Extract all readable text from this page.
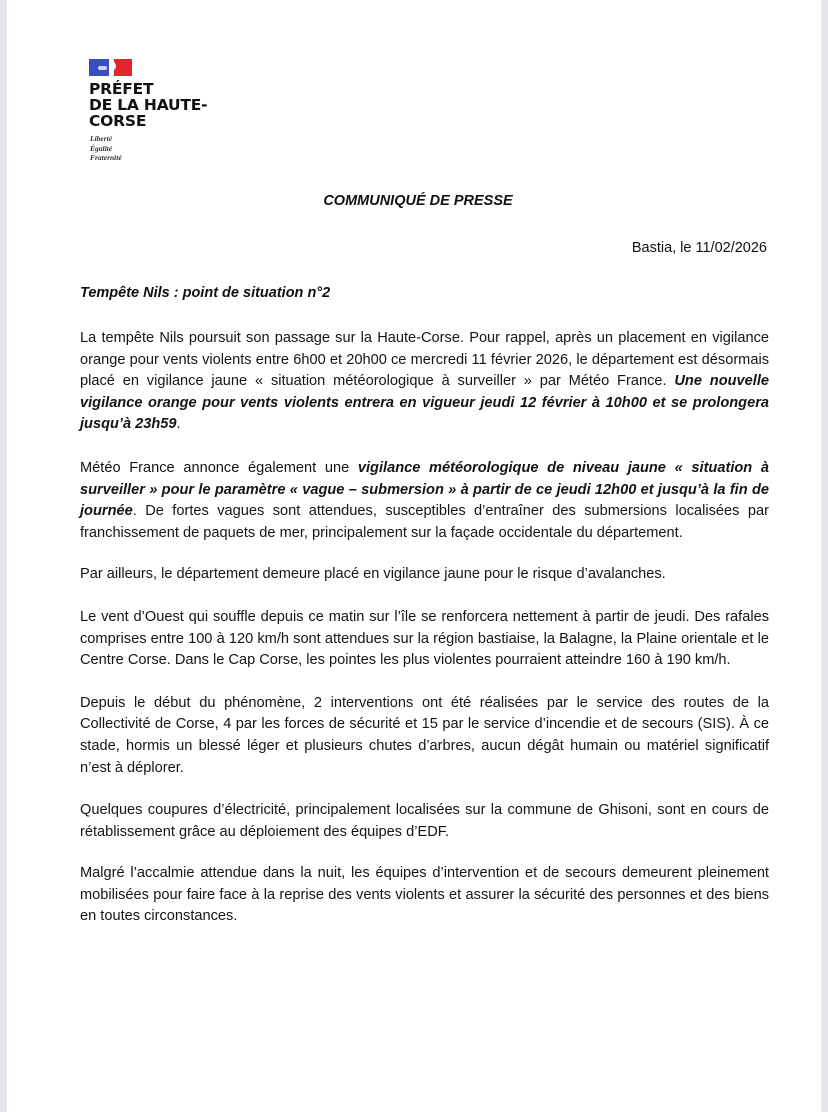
PRÉFET
DE LA HAUTE-
CORSE
Liberté
Égalité
Fraternité
COMMUNIQUÉ DE PRESSE
Bastia, le 11/02/2026
Tempête Nils : point de situation n°2

La tempête Nils poursuit son passage sur la Haute-Corse. Pour rappel, après un placement en vigilance orange pour vents violents entre 6h00 et 20h00 ce mercredi 11 février 2026, le département est désormais placé en vigilance jaune « situation météorologique à surveiller » par Météo France. Une nouvelle vigilance orange pour vents violents entrera en vigueur jeudi 12 février à 10h00 et se prolongera jusqu’à 23h59.

Météo France annonce également une vigilance météorologique de niveau jaune « situation à surveiller » pour le paramètre « vague – submersion » à partir de ce jeudi 12h00 et jusqu’à la fin de journée. De fortes vagues sont attendues, susceptibles d’entraîner des submersions localisées par franchissement de paquets de mer, principalement sur la façade occidentale du département.

Par ailleurs, le département demeure placé en vigilance jaune pour le risque d’avalanches.

Le vent d’Ouest qui souffle depuis ce matin sur l’île se renforcera nettement à partir de jeudi. Des rafales comprises entre 100 à 120 km/h sont attendues sur la région bastiaise, la Balagne, la Plaine orientale et le Centre Corse. Dans le Cap Corse, les pointes les plus violentes pourraient atteindre 160 à 190 km/h.

Depuis le début du phénomène, 2 interventions ont été réalisées par le service des routes de la Collectivité de Corse, 4 par les forces de sécurité et 15 par le service d’incendie et de secours (SIS). À ce stade, hormis un blessé léger et plusieurs chutes d’arbres, aucun dégât humain ou matériel significatif n’est à déplorer.

Quelques coupures d’électricité, principalement localisées sur la commune de Ghisoni, sont en cours de rétablissement grâce au déploiement des équipes d’EDF.

Malgré l’accalmie attendue dans la nuit, les équipes d’intervention et de secours demeurent pleinement mobilisées pour faire face à la reprise des vents violents et assurer la sécurité des personnes et des biens en toutes circonstances.
